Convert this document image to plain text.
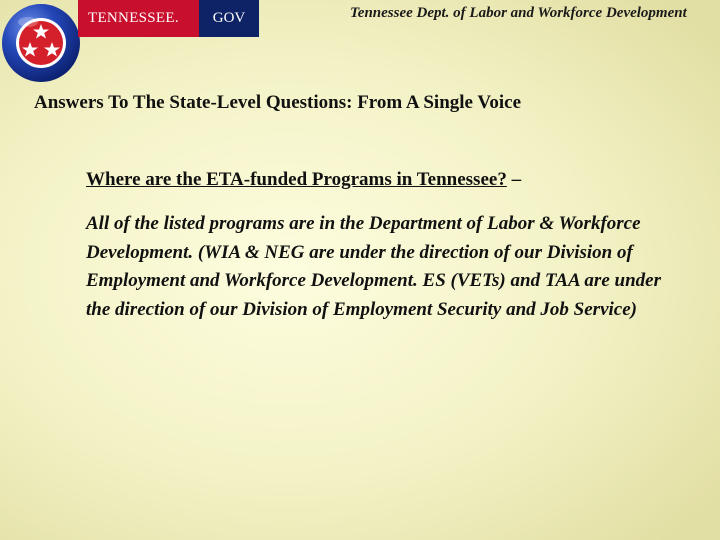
TENNESSEE.	GOV	Tennessee Dept. of Labor and Workforce Development
Answers To The State-Level Questions: From A Single Voice
Where are the ETA-funded Programs in Tennessee? –
All of the listed programs are in the Department of Labor & Workforce Development. (WIA & NEG are under the direction of our Division of Employment and Workforce Development. ES (VETs) and TAA are under the direction of our Division of Employment Security and Job Service)
